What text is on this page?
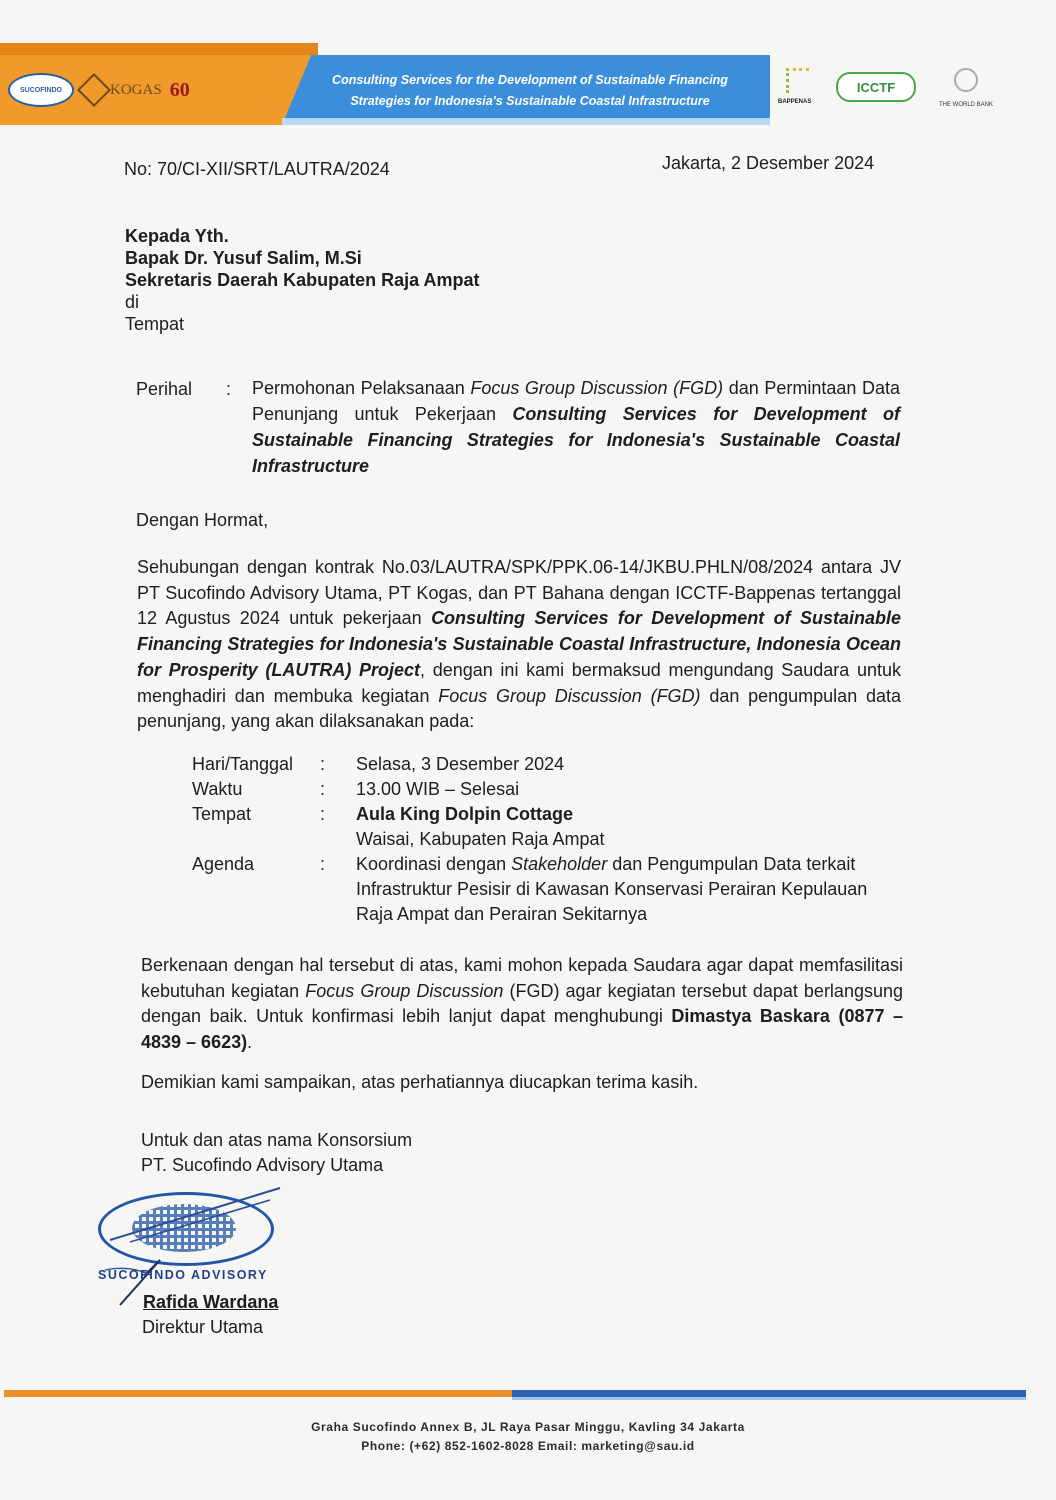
Consulting Services for the Development of Sustainable Financing
Strategies for Indonesia's Sustainable Coastal Infrastructure
SUCOFINDO	KOGAS 60
BAPPENAS
ICCTF
THE WORLD BANK
No: 70/CI-XII/SRT/LAUTRA/2024	Jakarta, 2 Desember 2024
Kepada Yth.
Bapak Dr. Yusuf Salim, M.Si
Sekretaris Daerah Kabupaten Raja Ampat
di
Tempat
Perihal : Permohonan Pelaksanaan Focus Group Discussion (FGD) dan Permintaan Data Penunjang untuk Pekerjaan Consulting Services for Development of Sustainable Financing Strategies for Indonesia's Sustainable Coastal Infrastructure
Dengan Hormat,
Sehubungan dengan kontrak No.03/LAUTRA/SPK/PPK.06-14/JKBU.PHLN/08/2024 antara JV PT Sucofindo Advisory Utama, PT Kogas, dan PT Bahana dengan ICCTF-Bappenas tertanggal 12 Agustus 2024 untuk pekerjaan Consulting Services for Development of Sustainable Financing Strategies for Indonesia's Sustainable Coastal Infrastructure, Indonesia Ocean for Prosperity (LAUTRA) Project, dengan ini kami bermaksud mengundang Saudara untuk menghadiri dan membuka kegiatan Focus Group Discussion (FGD) dan pengumpulan data penunjang, yang akan dilaksanakan pada:
Hari/Tanggal : Selasa, 3 Desember 2024
Waktu	: 13.00 WIB – Selesai
Tempat	: Aula King Dolpin Cottage
Waisai, Kabupaten Raja Ampat
Agenda	: Koordinasi dengan Stakeholder dan Pengumpulan Data terkait Infrastruktur Pesisir di Kawasan Konservasi Perairan Kepulauan Raja Ampat dan Perairan Sekitarnya
Berkenaan dengan hal tersebut di atas, kami mohon kepada Saudara agar dapat memfasilitasi kebutuhan kegiatan Focus Group Discussion (FGD) agar kegiatan tersebut dapat berlangsung dengan baik. Untuk konfirmasi lebih lanjut dapat menghubungi Dimastya Baskara (0877 – 4839 – 6623).
Demikian kami sampaikan, atas perhatiannya diucapkan terima kasih.
Untuk dan atas nama Konsorsium
PT. Sucofindo Advisory Utama
SUCOFINDO ADVISORY
Rafida Wardana
Direktur Utama
Graha Sucofindo Annex B, JL Raya Pasar Minggu, Kavling 34 Jakarta
Phone: (+62) 852-1602-8028 Email: marketing@sau.id
